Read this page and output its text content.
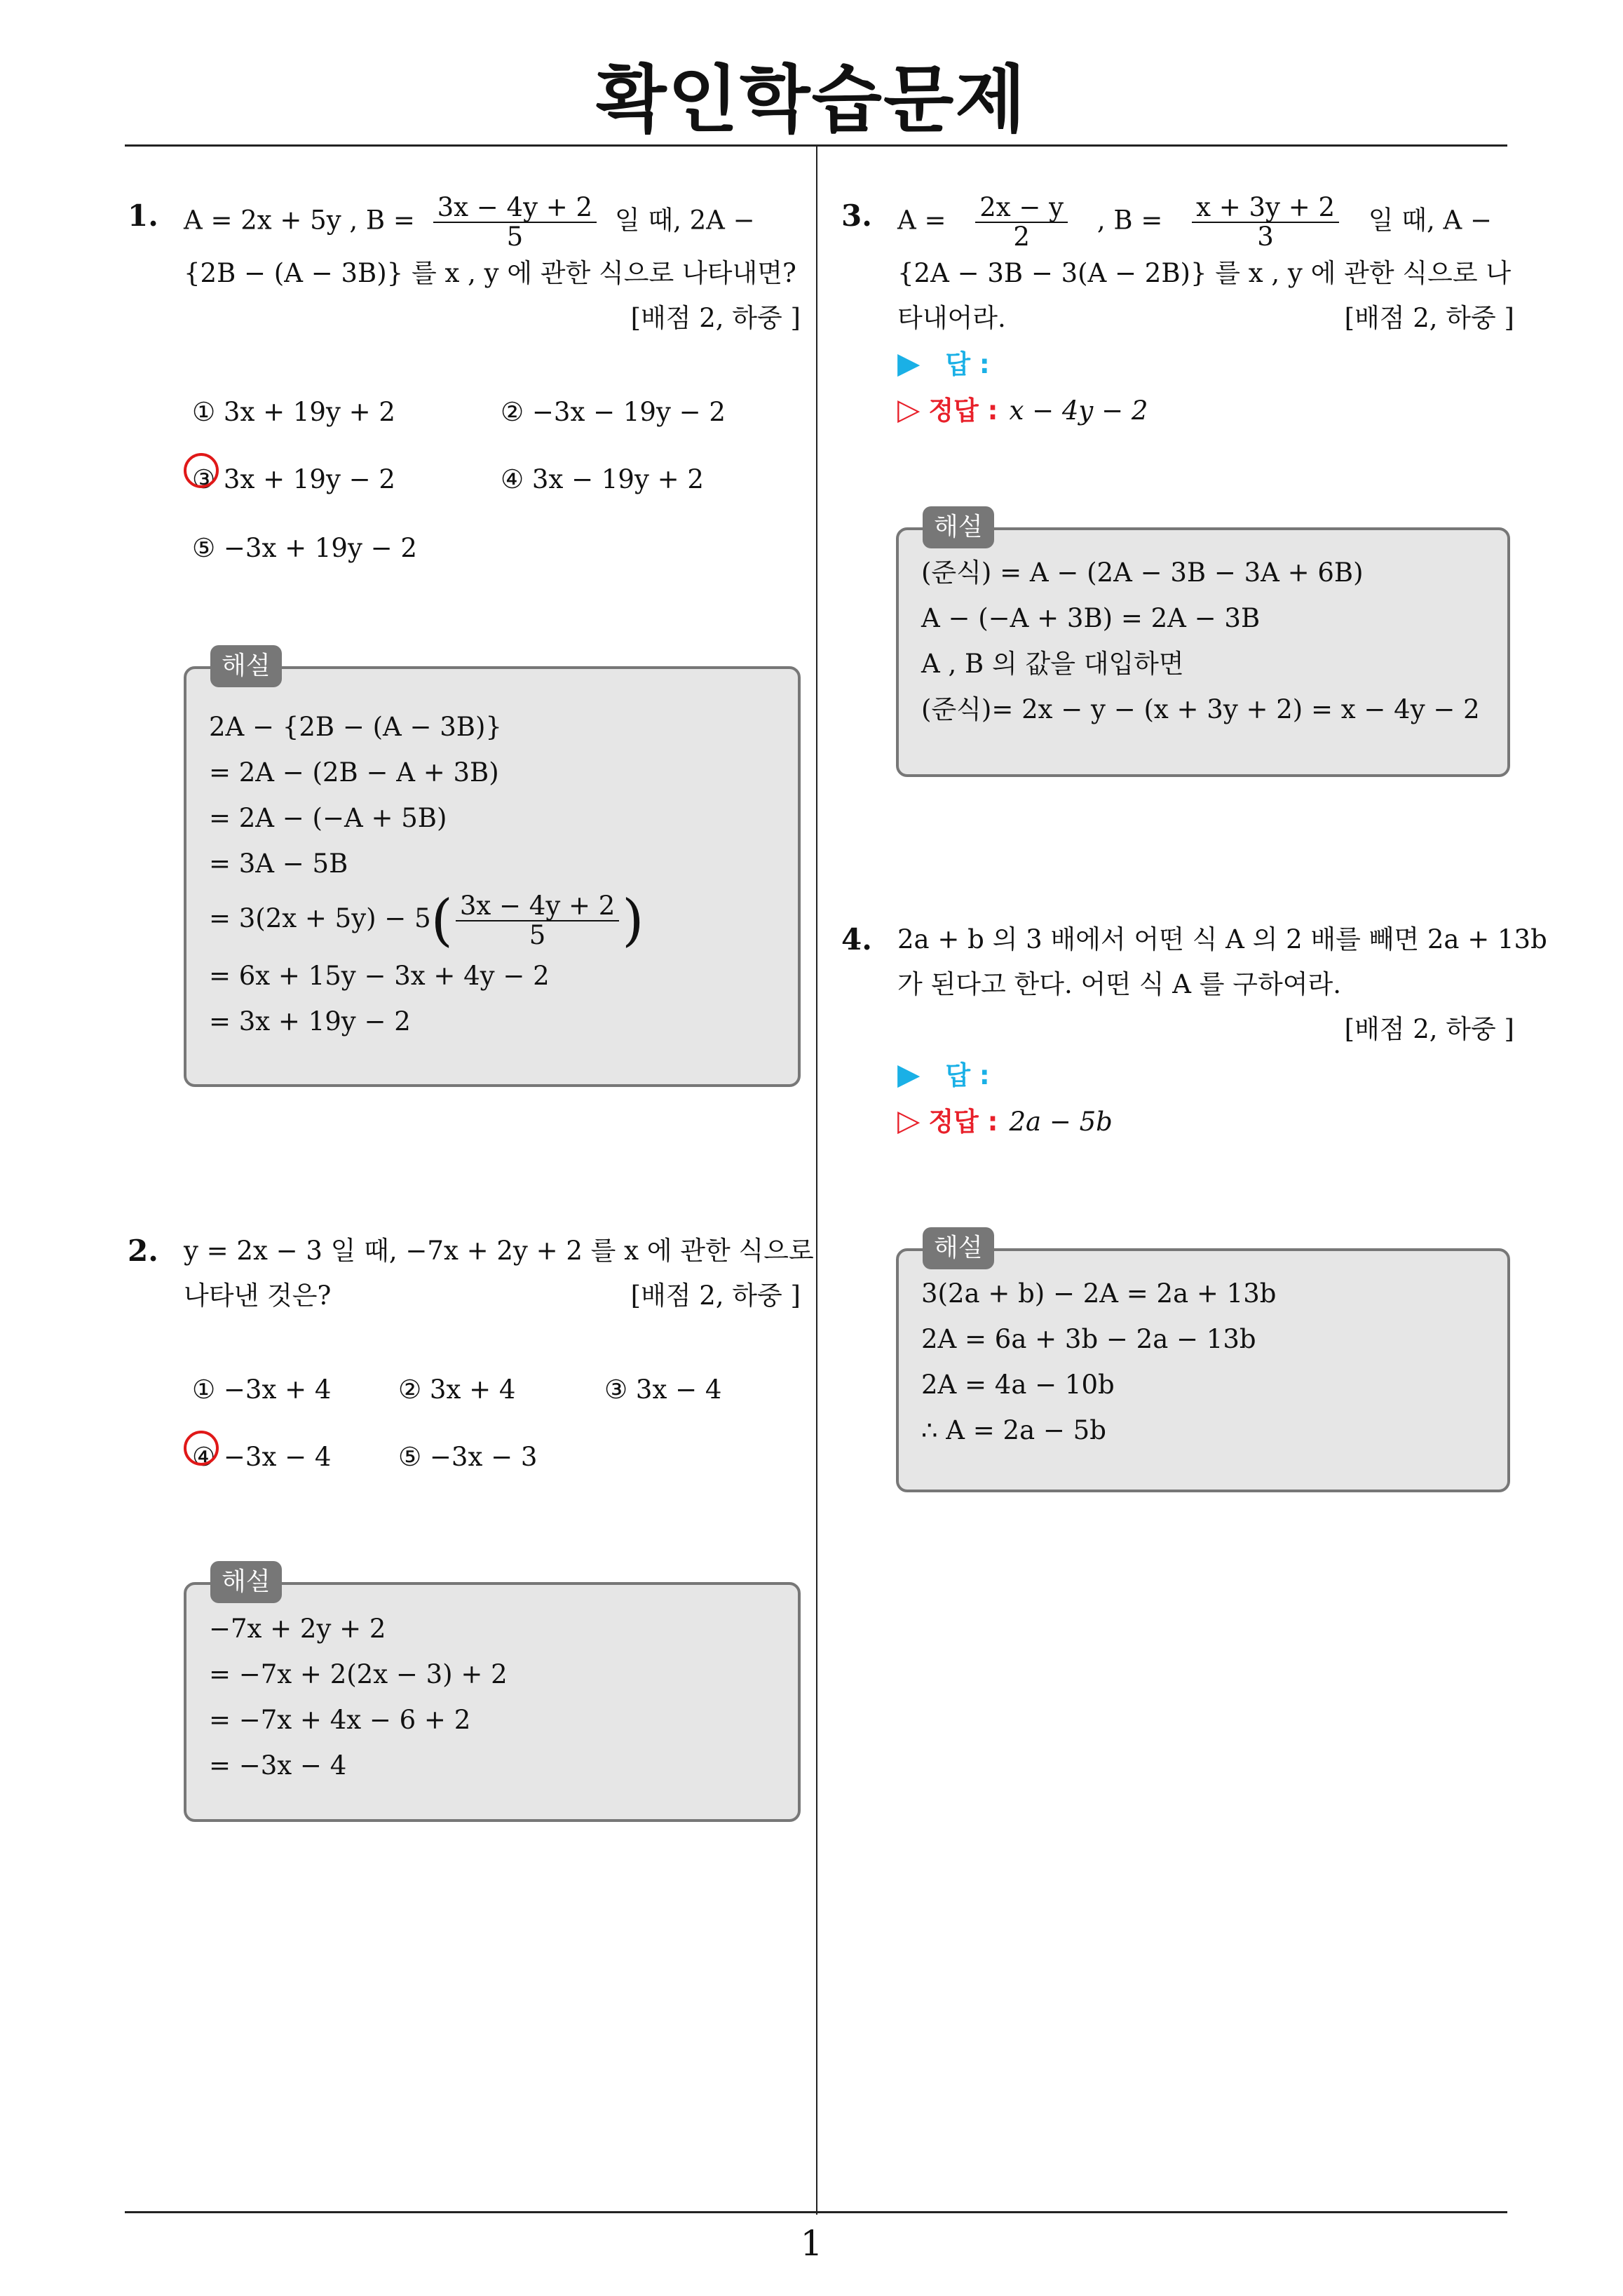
확인학습문제
1
1. A = 2x + 5y , $B = \frac{3x - 4y + 2}{5}$ 일 때, 2A −
{2B − (A − 3B)} 를 x , y 에 관한 식으로 나타내면?
[배점 2, 하중 ]
① 3x + 19y + 2	② −3x − 19y − 2
③ 3x + 19y − 2	④ 3x − 19y + 2
⑤ −3x + 19y − 2
해설
2A − {2B − (A − 3B)}
= 2A − (2B − A + 3B)
= 2A − (−A + 5B)
= 3A − 5B
= $3(2x + 5y) - 5( \frac{3x - 4y + 2}{5}$ )
= 6x + 15y − 3x + 4y − 2
= 3x + 19y − 2
2. y = 2x − 3 일 때, −7x + 2y + 2 를 x 에 관한 식으로
나타낸 것은?	[배점 2, 하중 ]
① −3x + 4	② 3x + 4	③ 3x − 4
④ −3x − 4	⑤ −3x − 3
해설
−7x + 2y + 2
= −7x + 2(2x − 3) + 2
= −7x + 4x − 6 + 2
= −3x − 4
3. $A = \frac{2x - y}{2}$ , $B = \frac{x + 3y + 2}{3}$ 일 때, A −
{2A − 3B − 3(A − 2B)} 를 x , y 에 관한 식으로 나
타내어라.	[배점 2, 하중 ]
▶ 답 :
▷ 정답 : x − 4y − 2
해설
(준식) = A − (2A − 3B − 3A + 6B)
A − (−A + 3B) = 2A − 3B
A , B 의 값을 대입하면
(준식)= 2x − y − (x + 3y + 2) = x − 4y − 2
4. 2a + b 의 3 배에서 어떤 식 A 의 2 배를 빼면 2a + 13b
가 된다고 한다. 어떤 식 A 를 구하여라.
[배점 2, 하중 ]
▶ 답 :
▷ 정답 : 2a − 5b
해설
3(2a + b) − 2A = 2a + 13b
2A = 6a + 3b − 2a − 13b
2A = 4a − 10b
∴ A = 2a − 5b
